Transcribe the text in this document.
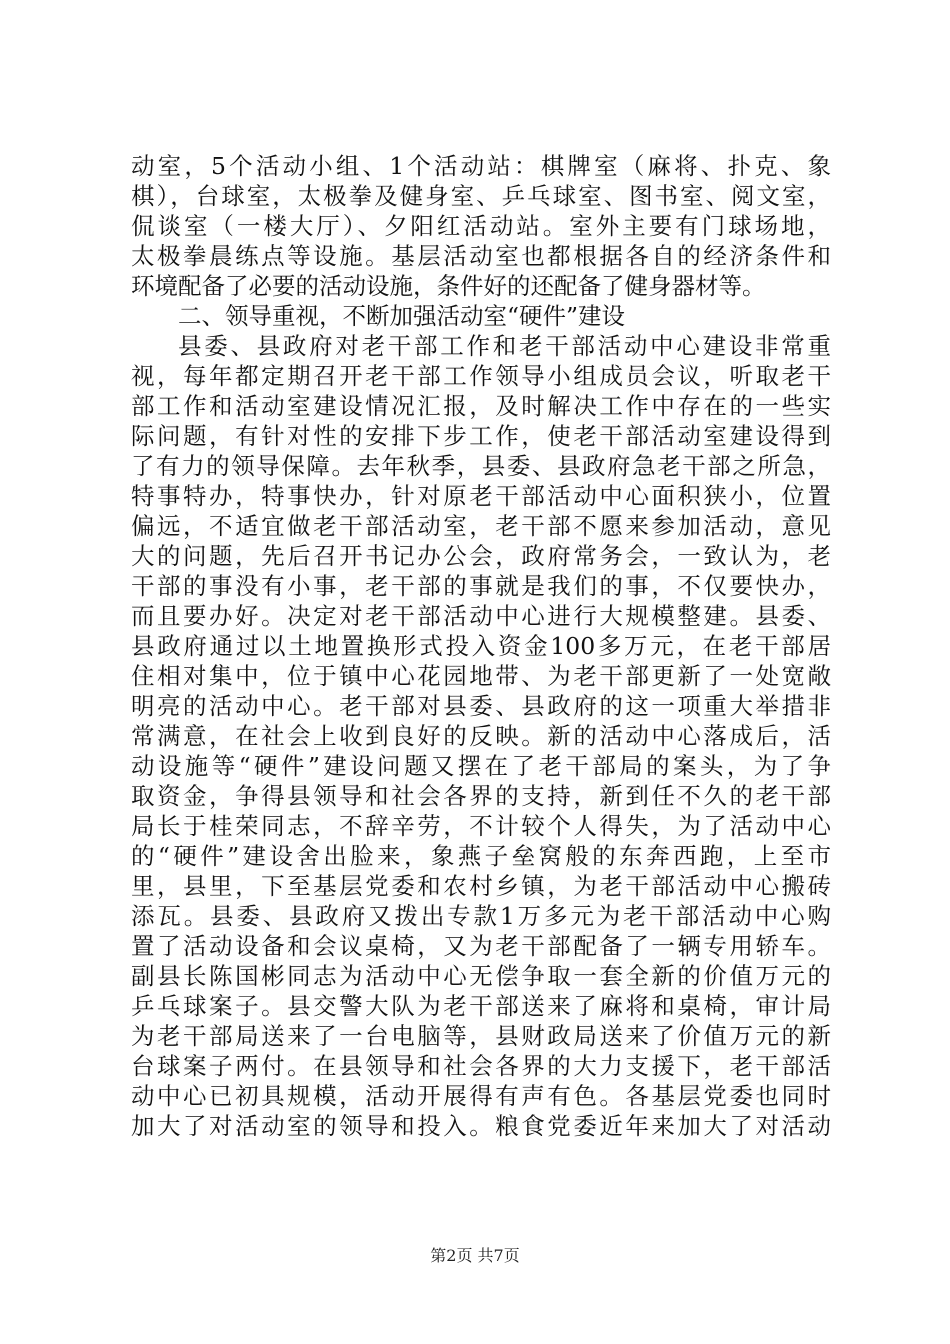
动室，5个活动小组、1个活动站：棋牌室（麻将、扑克、象
棋），台球室，太极拳及健身室、乒乓球室、图书室、阅文室，
侃谈室（一楼大厅）、夕阳红活动站。室外主要有门球场地，
太极拳晨练点等设施。基层活动室也都根据各自的经济条件和
环境配备了必要的活动设施，条件好的还配备了健身器材等。
二、领导重视，不断加强活动室“硬件”建设
县委、县政府对老干部工作和老干部活动中心建设非常重
视，每年都定期召开老干部工作领导小组成员会议，听取老干
部工作和活动室建设情况汇报，及时解决工作中存在的一些实
际问题，有针对性的安排下步工作，使老干部活动室建设得到
了有力的领导保障。去年秋季，县委、县政府急老干部之所急，
特事特办，特事快办，针对原老干部活动中心面积狭小，位置
偏远，不适宜做老干部活动室，老干部不愿来参加活动，意见
大的问题，先后召开书记办公会，政府常务会，一致认为，老
干部的事没有小事，老干部的事就是我们的事，不仅要快办，
而且要办好。决定对老干部活动中心进行大规模整建。县委、
县政府通过以土地置换形式投入资金100多万元，在老干部居
住相对集中，位于镇中心花园地带、为老干部更新了一处宽敞
明亮的活动中心。老干部对县委、县政府的这一项重大举措非
常满意，在社会上收到良好的反映。新的活动中心落成后，活
动设施等“硬件”建设问题又摆在了老干部局的案头，为了争
取资金，争得县领导和社会各界的支持，新到任不久的老干部
局长于桂荣同志，不辞辛劳，不计较个人得失，为了活动中心
的“硬件”建设舍出脸来，象燕子垒窝般的东奔西跑，上至市
里，县里，下至基层党委和农村乡镇，为老干部活动中心搬砖
添瓦。县委、县政府又拨出专款1万多元为老干部活动中心购
置了活动设备和会议桌椅，又为老干部配备了一辆专用轿车。
副县长陈国彬同志为活动中心无偿争取一套全新的价值万元的
乒乓球案子。县交警大队为老干部送来了麻将和桌椅，审计局
为老干部局送来了一台电脑等，县财政局送来了价值万元的新
台球案子两付。在县领导和社会各界的大力支援下，老干部活
动中心已初具规模，活动开展得有声有色。各基层党委也同时
加大了对活动室的领导和投入。粮食党委近年来加大了对活动
第2页 共7页
